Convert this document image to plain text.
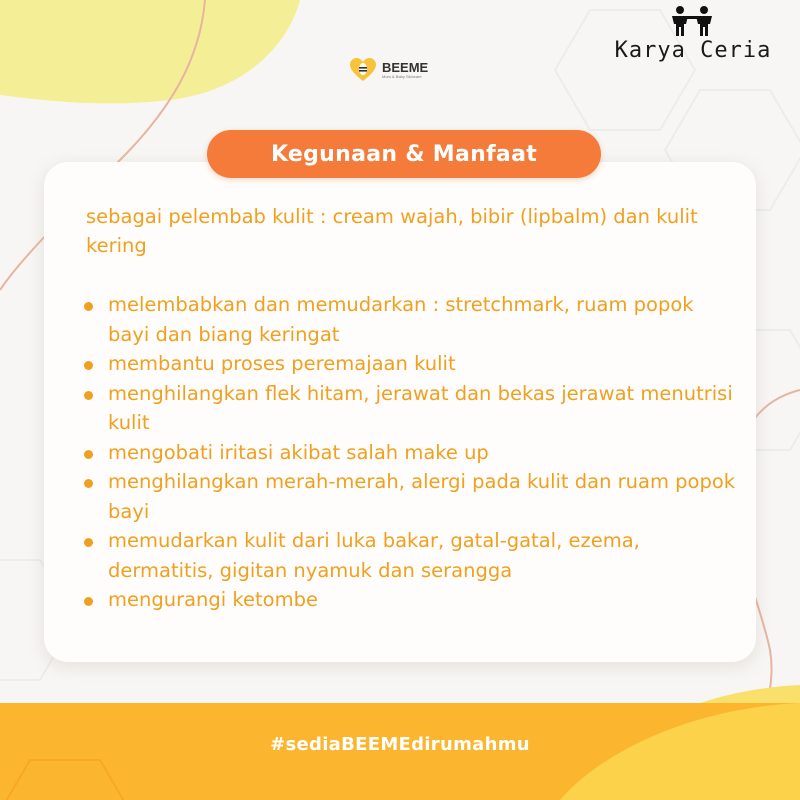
Karya Ceria
BEEME
Mom & Baby Skincare
Kegunaan & Manfaat

sebagai pelembab kulit : cream wajah, bibir (lipbalm) dan kulit kering

melembabkan dan memudarkan : stretchmark, ruam popok bayi dan biang keringat
membantu proses peremajaan kulit
menghilangkan flek hitam, jerawat dan bekas jerawat menutrisi kulit
mengobati iritasi akibat salah make up
menghilangkan merah-merah, alergi pada kulit dan ruam popok bayi
memudarkan kulit dari luka bakar, gatal-gatal, ezema, dermatitis, gigitan nyamuk dan serangga
mengurangi ketombe
#sediaBEEMEdirumahmu
